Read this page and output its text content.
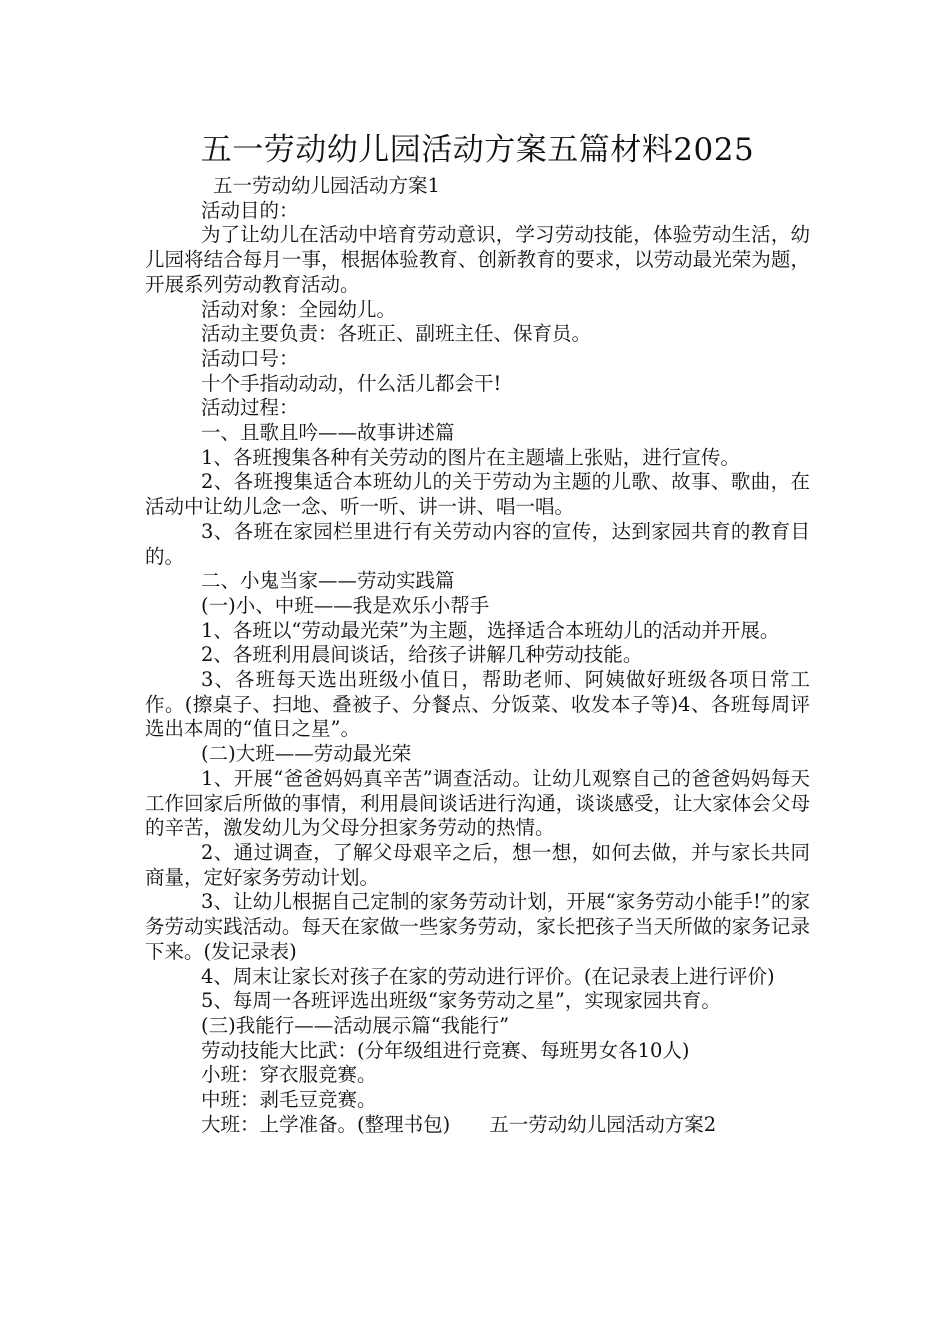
五一劳动幼儿园活动方案五篇材料2025

五一劳动幼儿园活动方案1

活动目的：

为了让幼儿在活动中培育劳动意识，学习劳动技能，体验劳动生活，幼儿园将结合每月一事，根据体验教育、创新教育的要求，以劳动最光荣为题，开展系列劳动教育活动。

活动对象：全园幼儿。

活动主要负责：各班正、副班主任、保育员。

活动口号：

十个手指动动动，什么活儿都会干!

活动过程：

一、且歌且吟——故事讲述篇

1、各班搜集各种有关劳动的图片在主题墙上张贴，进行宣传。

2、各班搜集适合本班幼儿的关于劳动为主题的儿歌、故事、歌曲，在活动中让幼儿念一念、听一听、讲一讲、唱一唱。

3、各班在家园栏里进行有关劳动内容的宣传，达到家园共育的教育目的。

二、小鬼当家——劳动实践篇

(一)小、中班——我是欢乐小帮手

1、各班以“劳动最光荣”为主题，选择适合本班幼儿的活动并开展。

2、各班利用晨间谈话，给孩子讲解几种劳动技能。

3、各班每天选出班级小值日，帮助老师、阿姨做好班级各项日常工作。(擦桌子、扫地、叠被子、分餐点、分饭菜、收发本子等)4、各班每周评选出本周的“值日之星”。

(二)大班——劳动最光荣

1、开展“爸爸妈妈真辛苦”调查活动。让幼儿观察自己的爸爸妈妈每天工作回家后所做的事情，利用晨间谈话进行沟通，谈谈感受，让大家体会父母的辛苦，激发幼儿为父母分担家务劳动的热情。

2、通过调查，了解父母艰辛之后，想一想，如何去做，并与家长共同商量，定好家务劳动计划。

3、让幼儿根据自己定制的家务劳动计划，开展“家务劳动小能手!”的家务劳动实践活动。每天在家做一些家务劳动，家长把孩子当天所做的家务记录下来。(发记录表)

4、周末让家长对孩子在家的劳动进行评价。(在记录表上进行评价)

5、每周一各班评选出班级“家务劳动之星”，实现家园共育。

(三)我能行——活动展示篇“我能行”

劳动技能大比武：(分年级组进行竞赛、每班男女各10人)

小班：穿衣服竞赛。

中班：剥毛豆竞赛。

大班：上学准备。(整理书包)　　五一劳动幼儿园活动方案2
